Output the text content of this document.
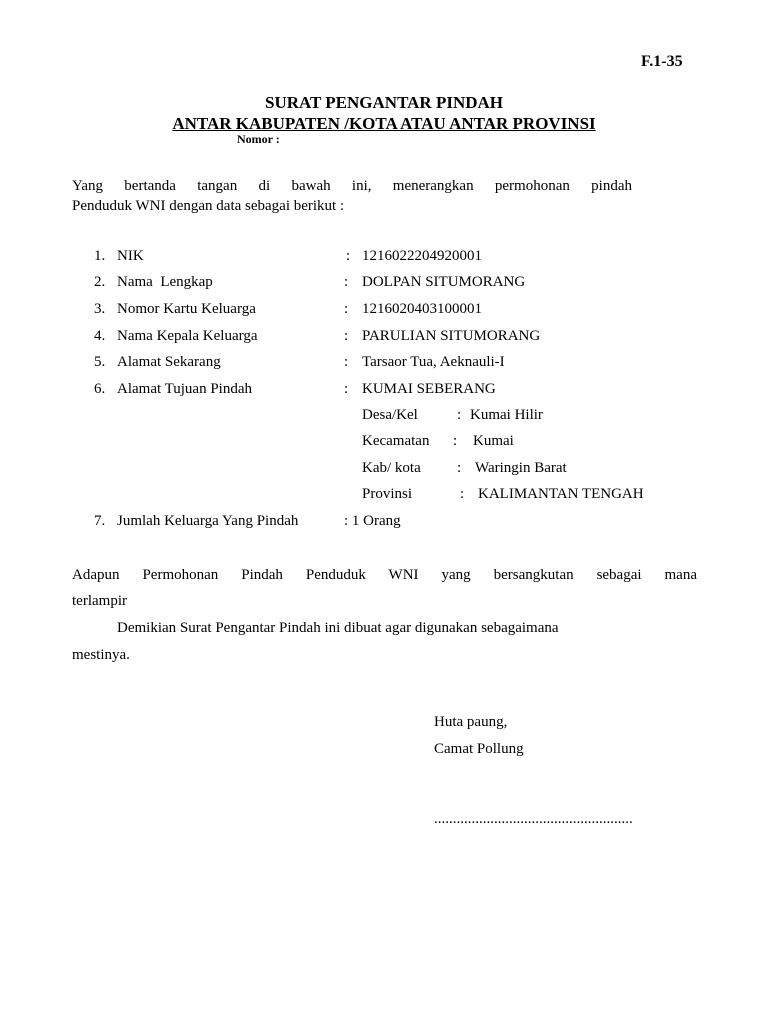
F.1-35
SURAT PENGANTAR PINDAH
ANTAR KABUPATEN /KOTA ATAU ANTAR PROVINSI
Nomor :
Yang bertanda tangan di bawah ini, menerangkan permohonan pindah
Penduduk WNI dengan data sebagai berikut :
1. NIK	: 1216022204920001
2. Nama  Lengkap	: DOLPAN SITUMORANG
3. Nomor Kartu Keluarga	: 1216020403100001
4. Nama Kepala Keluarga	: PARULIAN SITUMORANG
5. Alamat Sekarang	: Tarsaor Tua, Aeknauli-I
6. Alamat Tujuan Pindah	: KUMAI SEBERANG
Desa/Kel	: Kumai Hilir
Kecamatan : Kumai
Kab/ kota : Waringin Barat
Provinsi	: KALIMANTAN TENGAH
7. Jumlah Keluarga Yang Pindah	: 1 Orang
Adapun Permohonan Pindah Penduduk WNI yang bersangkutan sebagai mana
terlampir
Demikian Surat Pengantar Pindah ini dibuat agar digunakan sebagaimana
mestinya.
Huta paung,
Camat Pollung
.....................................................
